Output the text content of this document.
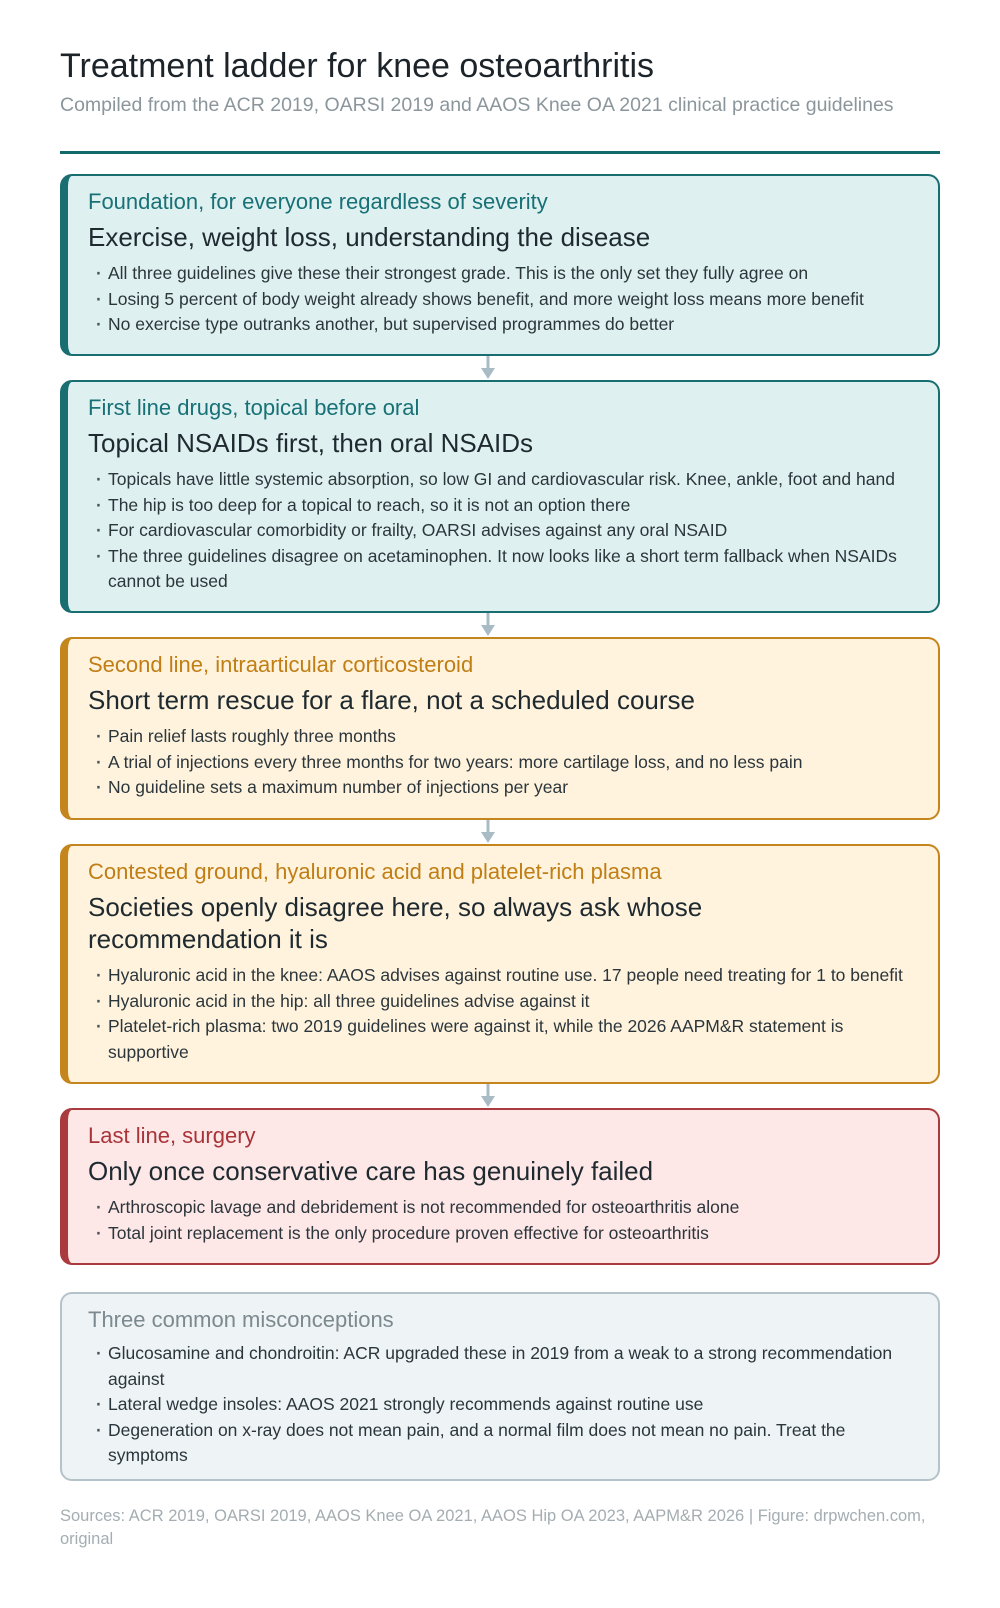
Treatment ladder for knee osteoarthritis
Compiled from the ACR 2019, OARSI 2019 and AAOS Knee OA 2021 clinical practice guidelines
Foundation, for everyone regardless of severity
Exercise, weight loss, understanding the disease
· All three guidelines give these their strongest grade. This is the only set they fully agree on
· Losing 5 percent of body weight already shows benefit, and more weight loss means more benefit
· No exercise type outranks another, but supervised programmes do better
First line drugs, topical before oral
Topical NSAIDs first, then oral NSAIDs
· Topicals have little systemic absorption, so low GI and cardiovascular risk. Knee, ankle, foot and hand
· The hip is too deep for a topical to reach, so it is not an option there
· For cardiovascular comorbidity or frailty, OARSI advises against any oral NSAID
· The three guidelines disagree on acetaminophen. It now looks like a short term fallback when NSAIDs cannot be used
Second line, intraarticular corticosteroid
Short term rescue for a flare, not a scheduled course
· Pain relief lasts roughly three months
· A trial of injections every three months for two years: more cartilage loss, and no less pain
· No guideline sets a maximum number of injections per year
Contested ground, hyaluronic acid and platelet-rich plasma
Societies openly disagree here, so always ask whose recommendation it is
· Hyaluronic acid in the knee: AAOS advises against routine use. 17 people need treating for 1 to benefit
· Hyaluronic acid in the hip: all three guidelines advise against it
· Platelet-rich plasma: two 2019 guidelines were against it, while the 2026 AAPM&R statement is supportive
Last line, surgery
Only once conservative care has genuinely failed
· Arthroscopic lavage and debridement is not recommended for osteoarthritis alone
· Total joint replacement is the only procedure proven effective for osteoarthritis
Three common misconceptions
· Glucosamine and chondroitin: ACR upgraded these in 2019 from a weak to a strong recommendation against
· Lateral wedge insoles: AAOS 2021 strongly recommends against routine use
· Degeneration on x-ray does not mean pain, and a normal film does not mean no pain. Treat the symptoms
Sources: ACR 2019, OARSI 2019, AAOS Knee OA 2021, AAOS Hip OA 2023, AAPM&R 2026 | Figure: drpwchen.com, original
